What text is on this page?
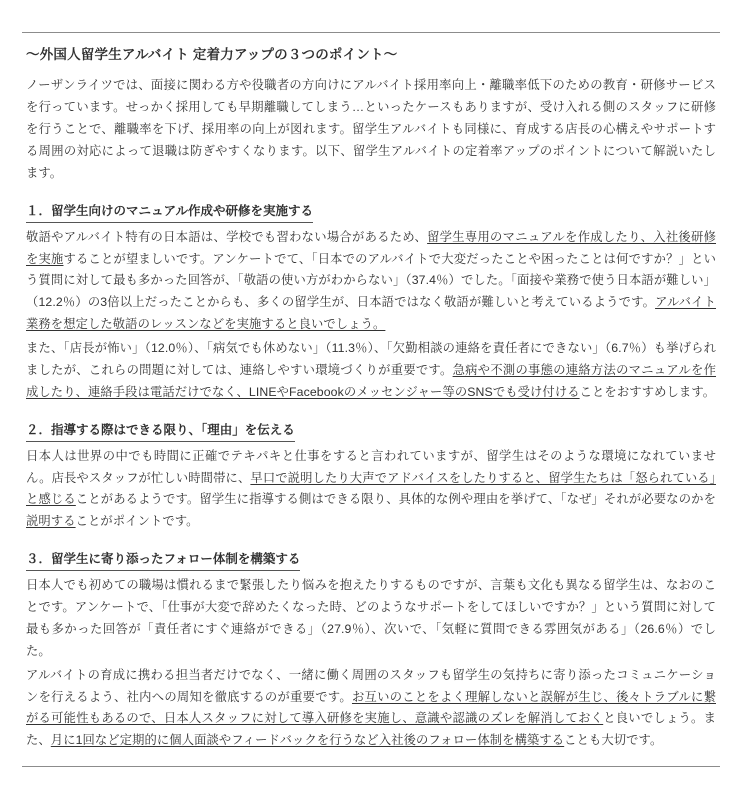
〜外国人留学生アルバイト 定着力アップの３つのポイント〜

ノーザンライツでは、面接に関わる方や役職者の方向けにアルバイト採用率向上・離職率低下のための教育・研修サービスを行っています。せっかく採用しても早期離職してしまう…といったケースもありますが、受け入れる側のスタッフに研修を行うことで、離職率を下げ、採用率の向上が図れます。留学生アルバイトも同様に、育成する店長の心構えやサポートする周囲の対応によって退職は防ぎやすくなります。以下、留学生アルバイトの定着率アップのポイントについて解説いたします。

１．留学生向けのマニュアル作成や研修を実施する

敬語やアルバイト特有の日本語は、学校でも習わない場合があるため、留学生専用のマニュアルを作成したり、入社後研修を実施することが望ましいです。アンケートでて、「日本でのアルバイトで大変だったことや困ったことは何ですか？」という質問に対して最も多かった回答が、「敬語の使い方がわからない」（37.4％）でした。「面接や業務で使う日本語が難しい」（12.2％）の3倍以上だったことからも、多くの留学生が、日本語ではなく敬語が難しいと考えているようです。アルバイト業務を想定した敬語のレッスンなどを実施すると良いでしょう。

また、「店長が怖い」（12.0％）、「病気でも休めない」（11.3％）、「欠勤相談の連絡を責任者にできない」（6.7％）も挙げられましたが、これらの問題に対しては、連絡しやすい環境づくりが重要です。急病や不測の事態の連絡方法のマニュアルを作成したり、連絡手段は電話だけでなく、LINEやFacebookのメッセンジャー等のSNSでも受け付けることをおすすめします。

２．指導する際はできる限り、「理由」を伝える

日本人は世界の中でも時間に正確でテキパキと仕事をすると言われていますが、留学生はそのような環境になれていません。店長やスタッフが忙しい時間帯に、早口で説明したり大声でアドバイスをしたりすると、留学生たちは「怒られている」と感じることがあるようです。留学生に指導する側はできる限り、具体的な例や理由を挙げて、「なぜ」それが必要なのかを説明することがポイントです。

３．留学生に寄り添ったフォロー体制を構築する

日本人でも初めての職場は慣れるまで緊張したり悩みを抱えたりするものですが、言葉も文化も異なる留学生は、なおのことです。アンケートで、「仕事が大変で辞めたくなった時、どのようなサポートをしてほしいですか？」という質問に対して最も多かった回答が「責任者にすぐ連絡ができる」（27.9％）、次いで、「気軽に質問できる雰囲気がある」（26.6％）でした。

アルバイトの育成に携わる担当者だけでなく、一緒に働く周囲のスタッフも留学生の気持ちに寄り添ったコミュニケーションを行えるよう、社内への周知を徹底するのが重要です。お互いのことをよく理解しないと誤解が生じ、後々トラブルに繋がる可能性もあるので、日本人スタッフに対して導入研修を実施し、意識や認識のズレを解消しておくと良いでしょう。また、月に1回など定期的に個人面談やフィードバックを行うなど入社後のフォロー体制を構築することも大切です。
